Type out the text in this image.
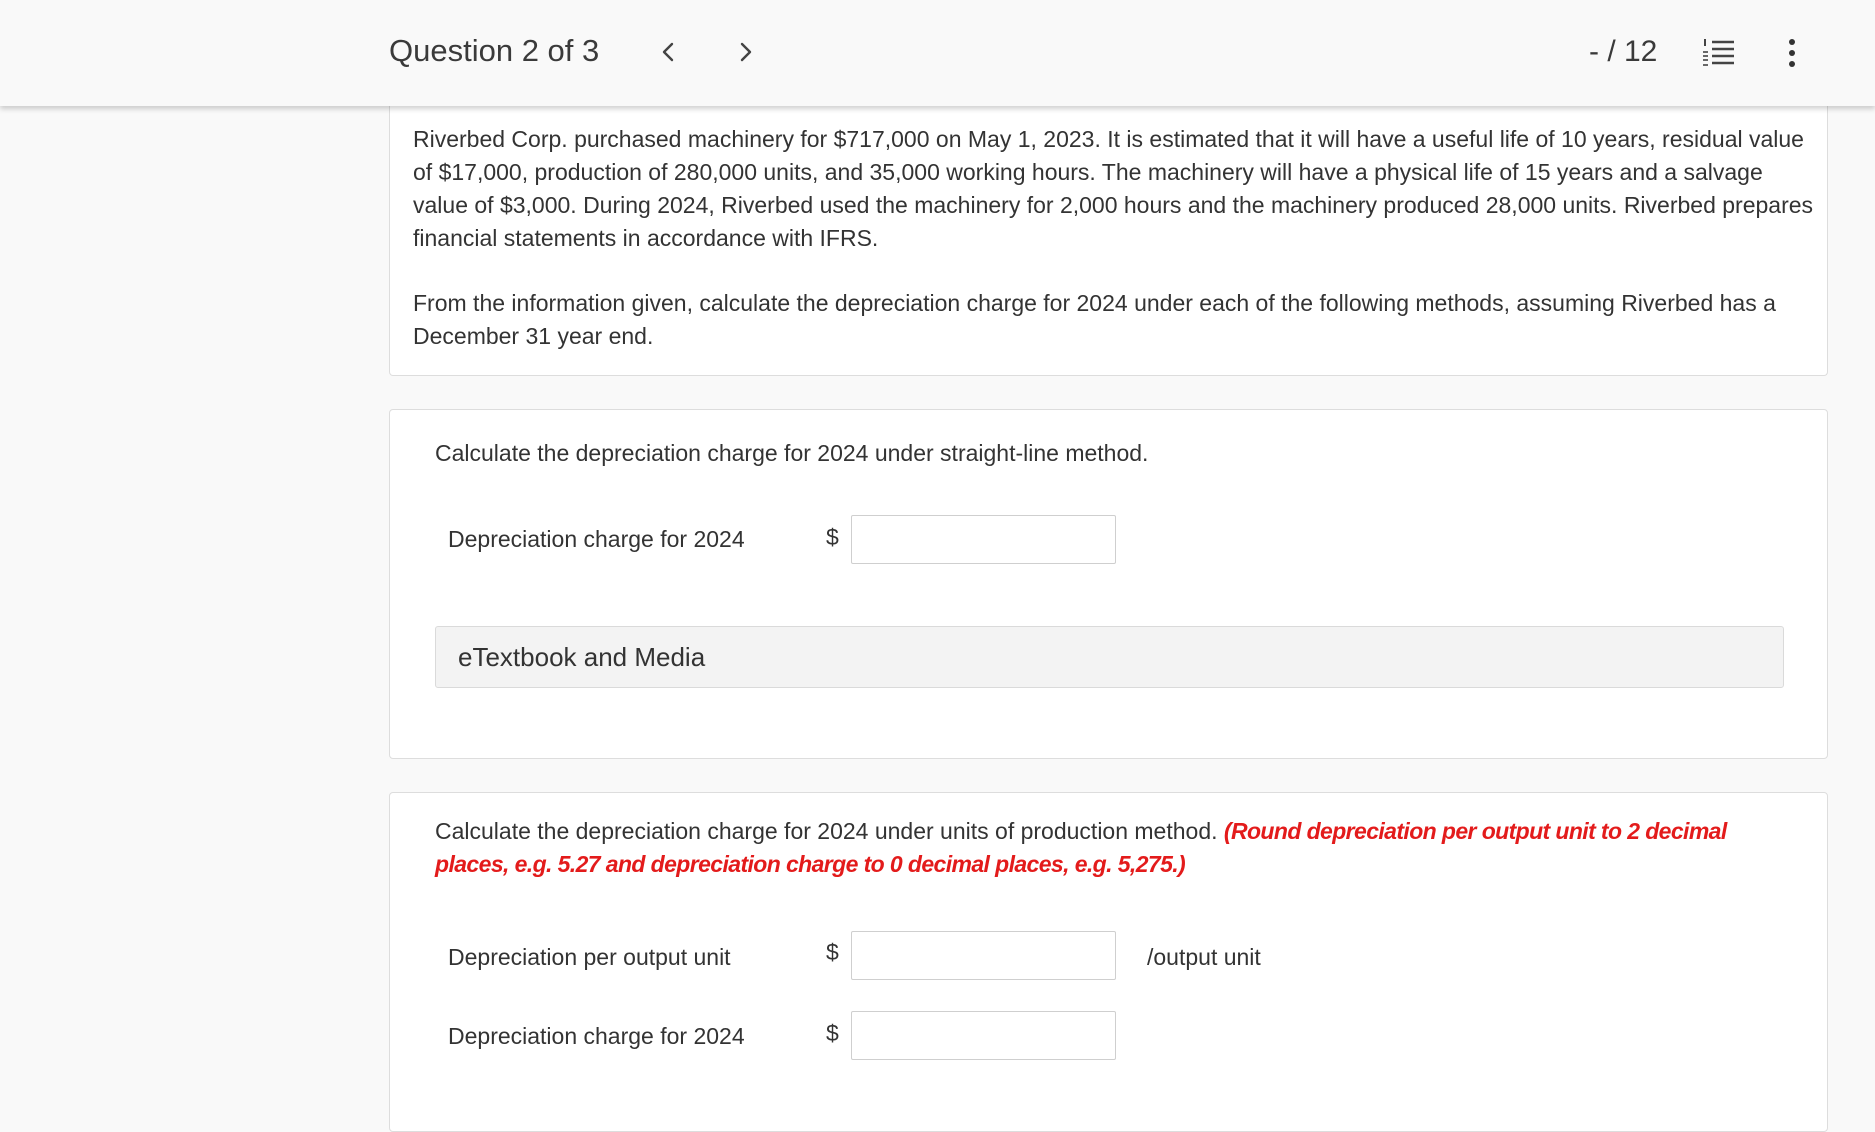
Question 2 of 3	- / 12

Riverbed Corp. purchased machinery for $717,000 on May 1, 2023. It is estimated that it will have a useful life of 10 years, residual value of $17,000, production of 280,000 units, and 35,000 working hours. The machinery will have a physical life of 15 years and a salvage value of $3,000. During 2024, Riverbed used the machinery for 2,000 hours and the machinery produced 28,000 units. Riverbed prepares financial statements in accordance with IFRS.

From the information given, calculate the depreciation charge for 2024 under each of the following methods, assuming Riverbed has a December 31 year end.

Calculate the depreciation charge for 2024 under straight-line method.

Depreciation charge for 2024	$
eTextbook and Media

Calculate the depreciation charge for 2024 under units of production method. (Round depreciation per output unit to 2 decimal places, e.g. 5.27 and depreciation charge to 0 decimal places, e.g. 5,275.)

Depreciation per output unit	$	/output unit
Depreciation charge for 2024	$
